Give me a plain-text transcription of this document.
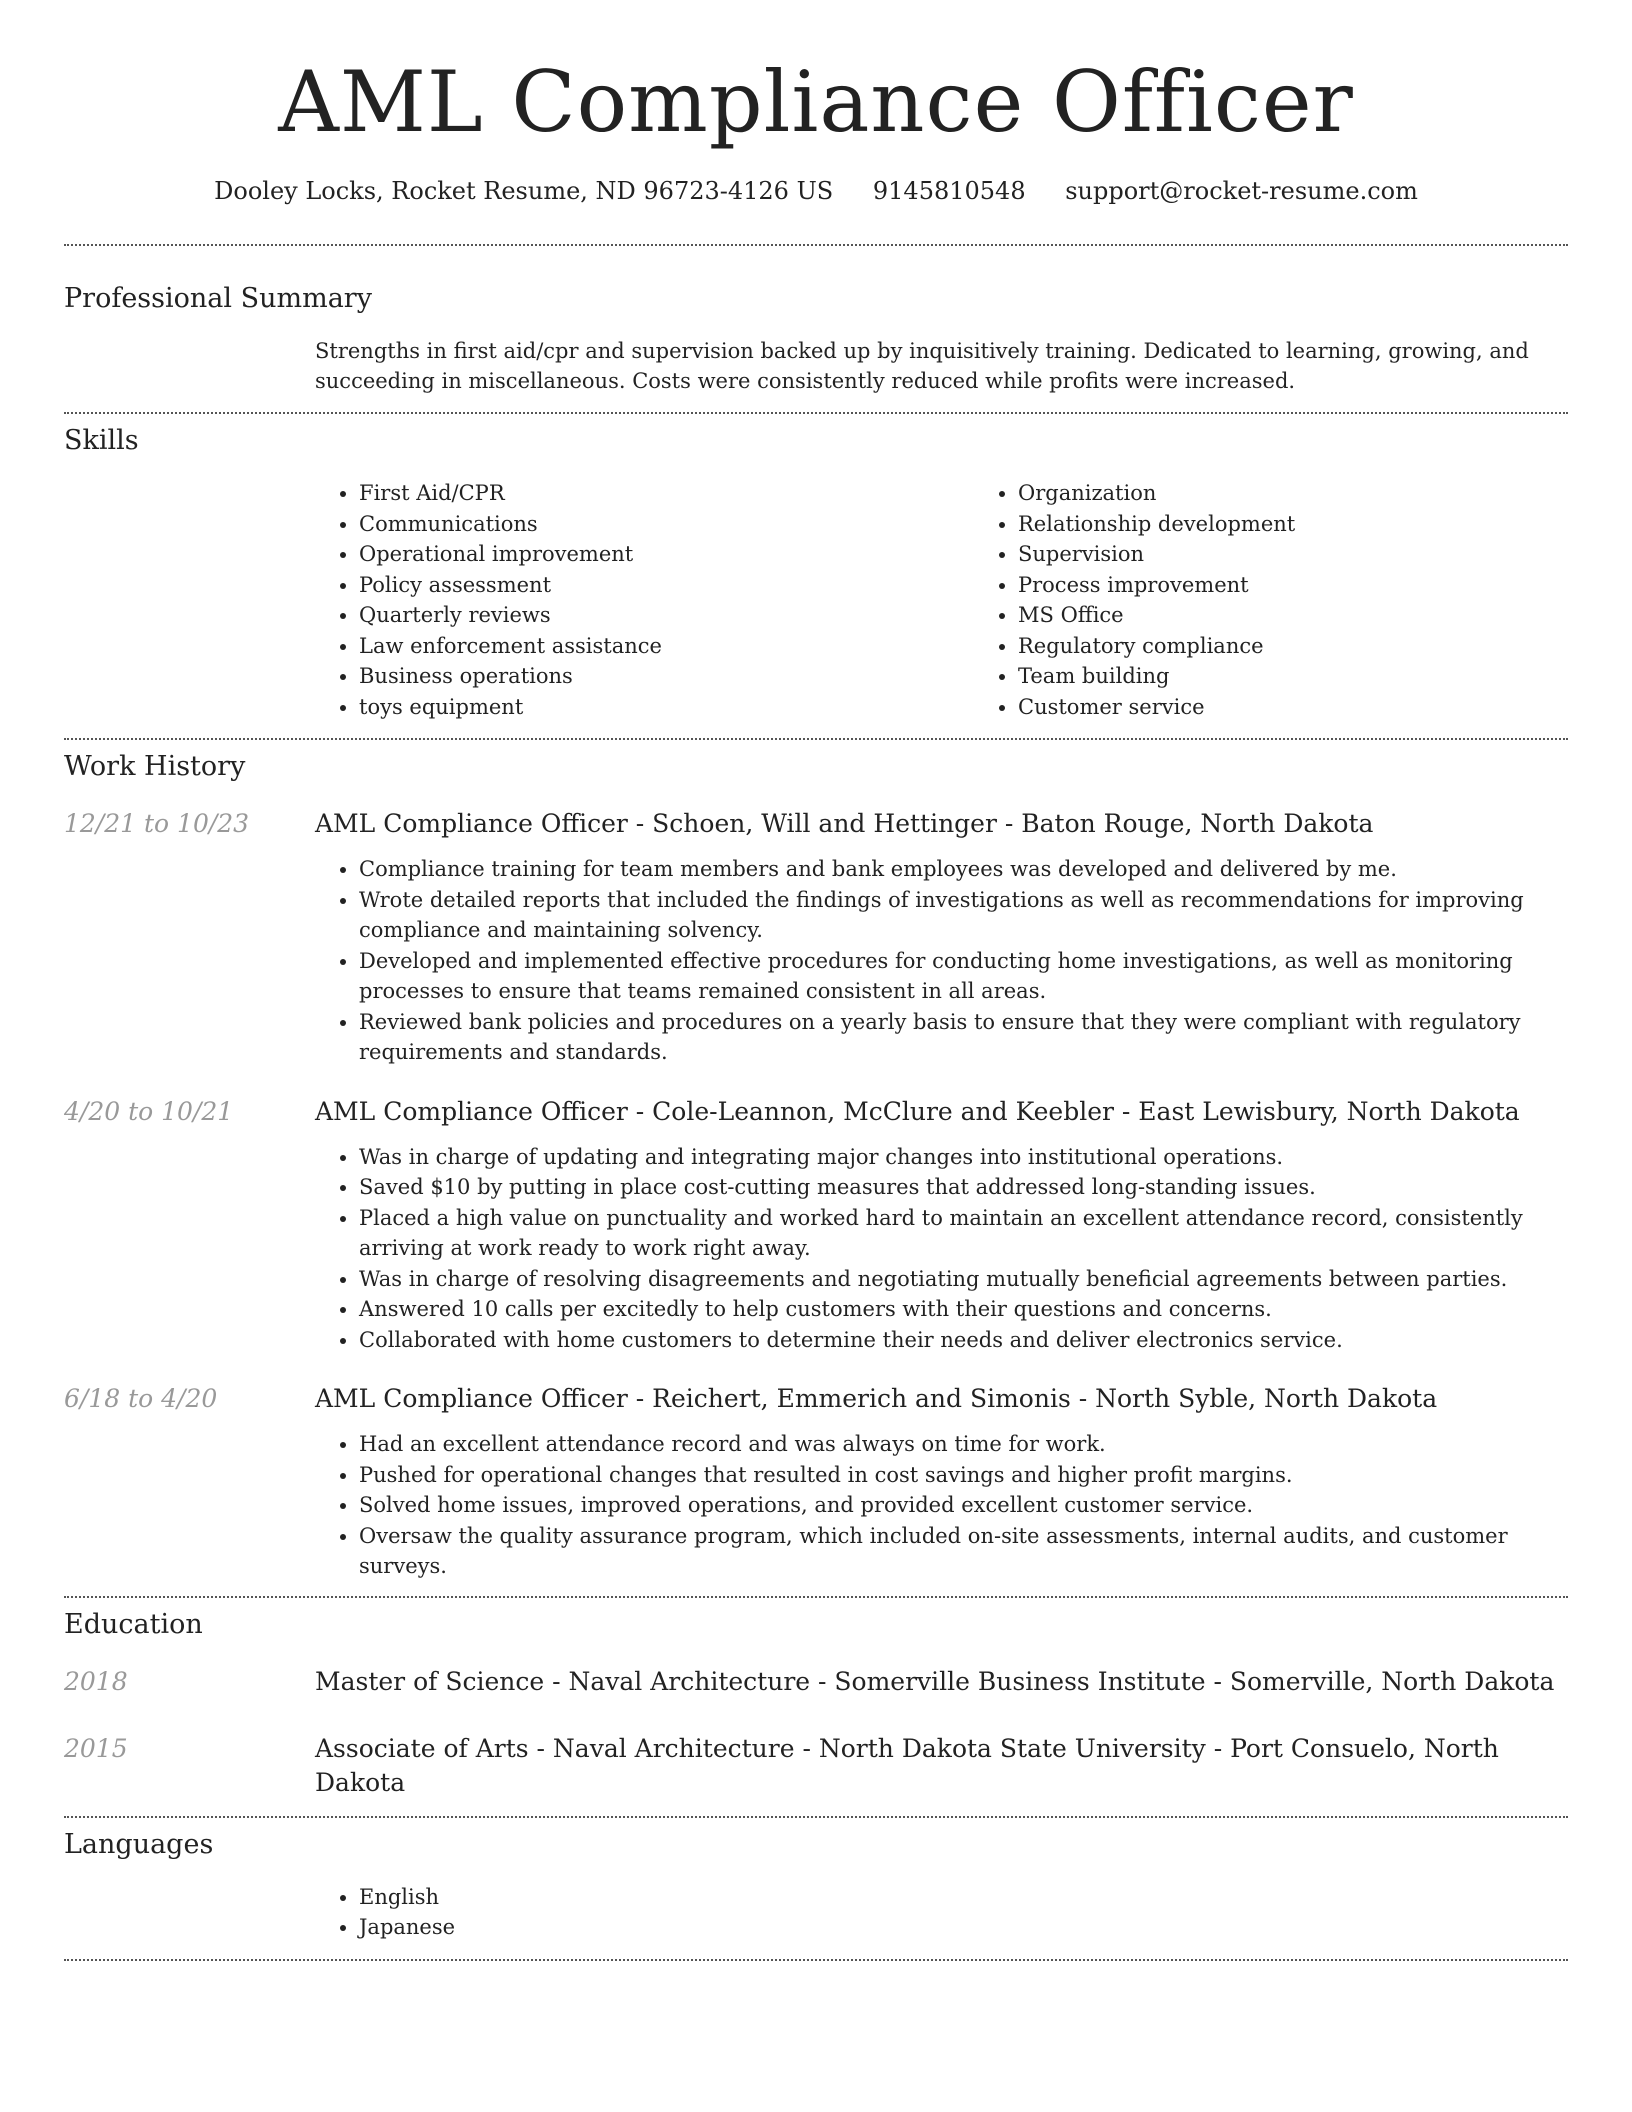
AML Compliance Officer
Dooley Locks, Rocket Resume, ND 96723-4126 US 9145810548 support@rocket-resume.com
Professional Summary

Strengths in first aid/cpr and supervision backed up by inquisitively training. Dedicated to learning, growing, and succeeding in miscellaneous. Costs were consistently reduced while profits were increased.

Skills
• First Aid/CPR
• Communications
• Operational improvement
• Policy assessment
• Quarterly reviews
• Law enforcement assistance
• Business operations
• toys equipment
• Organization
• Relationship development
• Supervision
• Process improvement
• MS Office
• Regulatory compliance
• Team building
• Customer service
Work History
12/21 to 10/23	AML Compliance Officer - Schoen, Will and Hettinger - Baton Rouge, North Dakota
• Compliance training for team members and bank employees was developed and delivered by me.
• Wrote detailed reports that included the findings of investigations as well as recommendations for improving compliance and maintaining solvency.
• Developed and implemented effective procedures for conducting home investigations, as well as monitoring processes to ensure that teams remained consistent in all areas.
• Reviewed bank policies and procedures on a yearly basis to ensure that they were compliant with regulatory requirements and standards.
4/20 to 10/21	AML Compliance Officer - Cole-Leannon, McClure and Keebler - East Lewisbury, North Dakota
• Was in charge of updating and integrating major changes into institutional operations.
• Saved $10 by putting in place cost-cutting measures that addressed long-standing issues.
• Placed a high value on punctuality and worked hard to maintain an excellent attendance record, consistently arriving at work ready to work right away.
• Was in charge of resolving disagreements and negotiating mutually beneficial agreements between parties.
• Answered 10 calls per excitedly to help customers with their questions and concerns.
• Collaborated with home customers to determine their needs and deliver electronics service.
6/18 to 4/20	AML Compliance Officer - Reichert, Emmerich and Simonis - North Syble, North Dakota
• Had an excellent attendance record and was always on time for work.
• Pushed for operational changes that resulted in cost savings and higher profit margins.
• Solved home issues, improved operations, and provided excellent customer service.
• Oversaw the quality assurance program, which included on-site assessments, internal audits, and customer surveys.
Education
2018	Master of Science - Naval Architecture - Somerville Business Institute - Somerville, North Dakota
2015	Associate of Arts - Naval Architecture - North Dakota State University - Port Consuelo, North Dakota
Languages
• English
• Japanese
